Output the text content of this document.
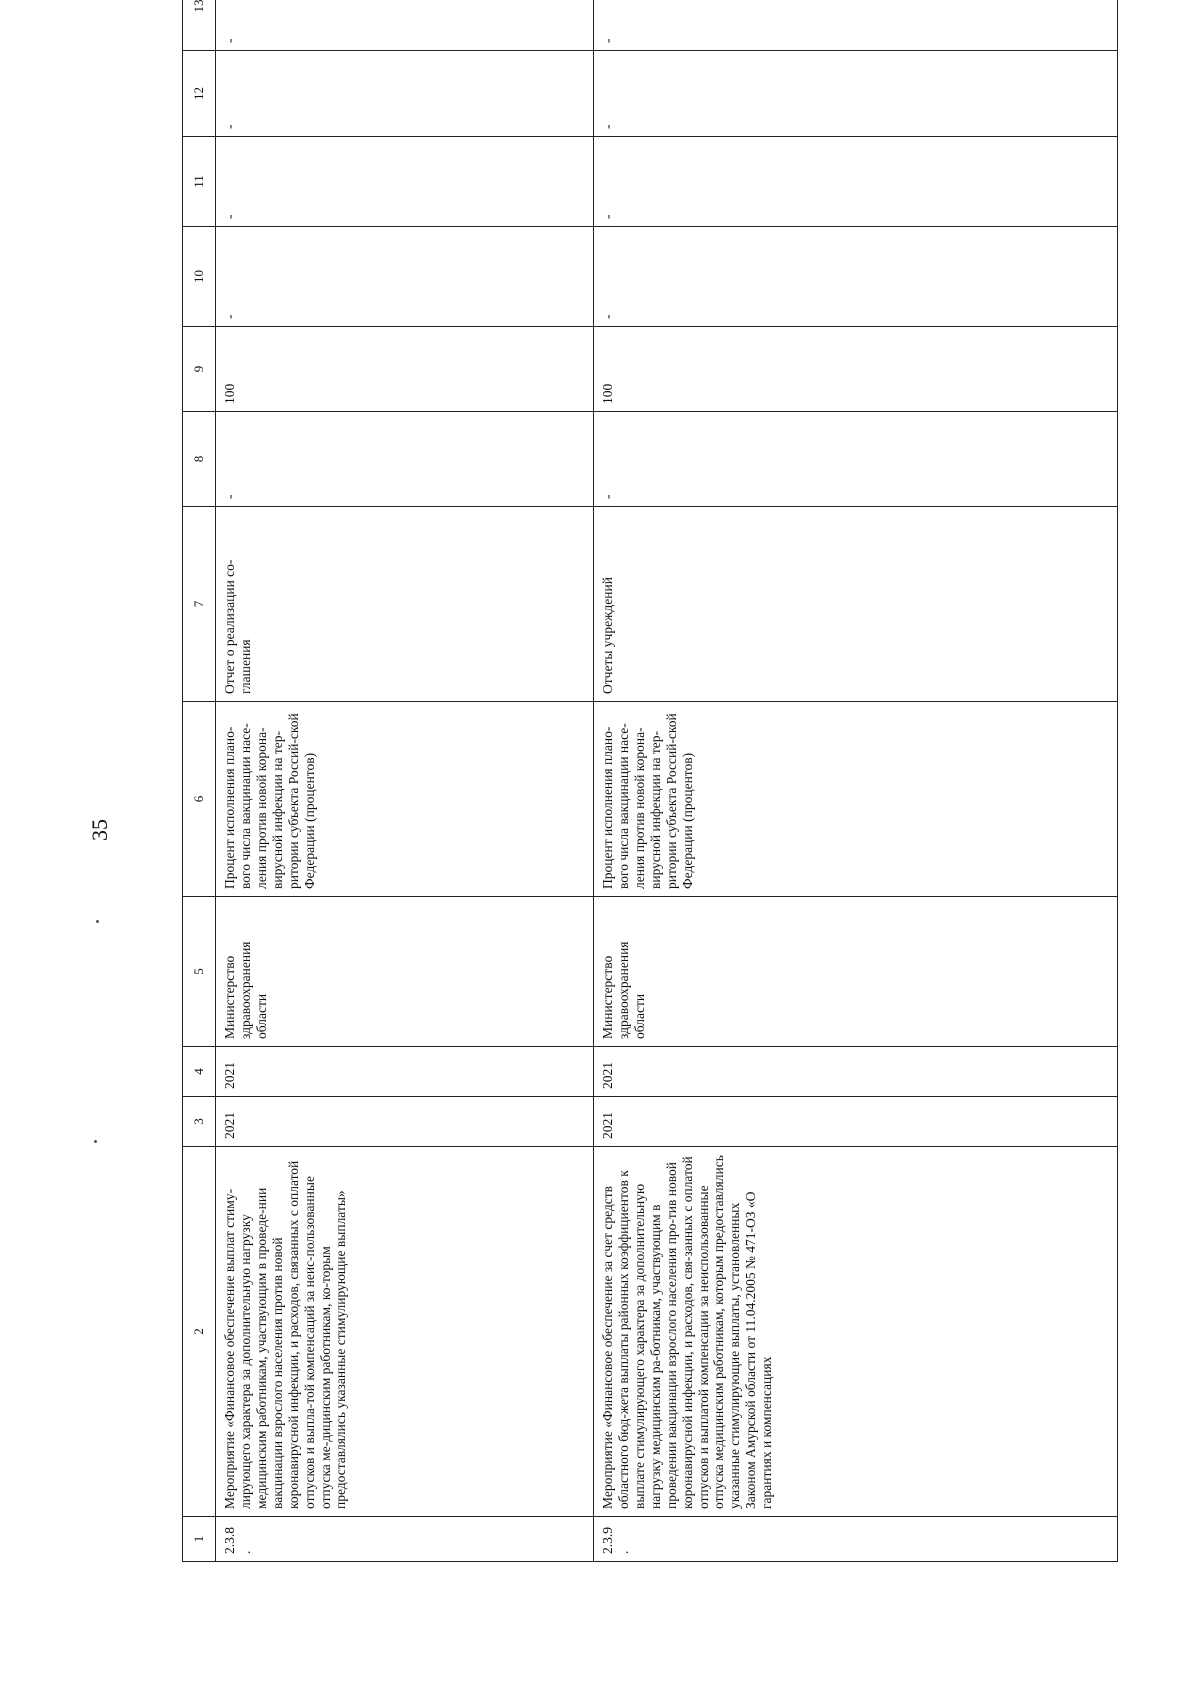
35
1	2	3	4	5	6	7	8	9	10	11	12	13
2.3.8.	Мероприятие «Финансовое обеспечение выплат стиму-лирующего характера за дополнительную нагрузку медицинским работникам, участвующим в проведе-нии вакцинации взрослого населения против новой коронавирусной инфекции, и расходов, связанных с оплатой отпусков и выпла-той компенсаций за неис-пользованные отпуска ме-дицинским работникам, ко-торым предоставлялись указанные стимулирующие выплаты»	2021	2021	Министерство здравоохранения области	Процент исполнения плано-вого числа вакцинации насе-ления против новой корона-вирусной инфекции на тер-ритории субъекта Россий-ской Федерации (процентов)	Отчет о реализации со-глашения	-	100	-	-	-	-
2.3.9.	Мероприятие «Финансовое обеспечение за счет средств областного бюд-жета выплаты районных коэффициентов к выплате стимулирующего характера за дополнительную нагрузку медицинским ра-ботникам, участвующим в проведении вакцинации взрослого населения про-тив новой коронавирусной инфекции, и расходов, свя-занных с оплатой отпусков и выплатой компенсации за неиспользованные отпуска медицинским работникам, которым предоставлялись указанные стимулирующие выплаты, установленных Законом Амурской области от 11.04.2005 № 471-ОЗ «О гарантиях и компенсациях	2021	2021	Министерство здравоохранения области	Процент исполнения плано-вого числа вакцинации насе-ления против новой корона-вирусной инфекции на тер-ритории субъекта Россий-ской Федерации (процентов)	Отчеты учреждений	-	100	-	-	-	-
